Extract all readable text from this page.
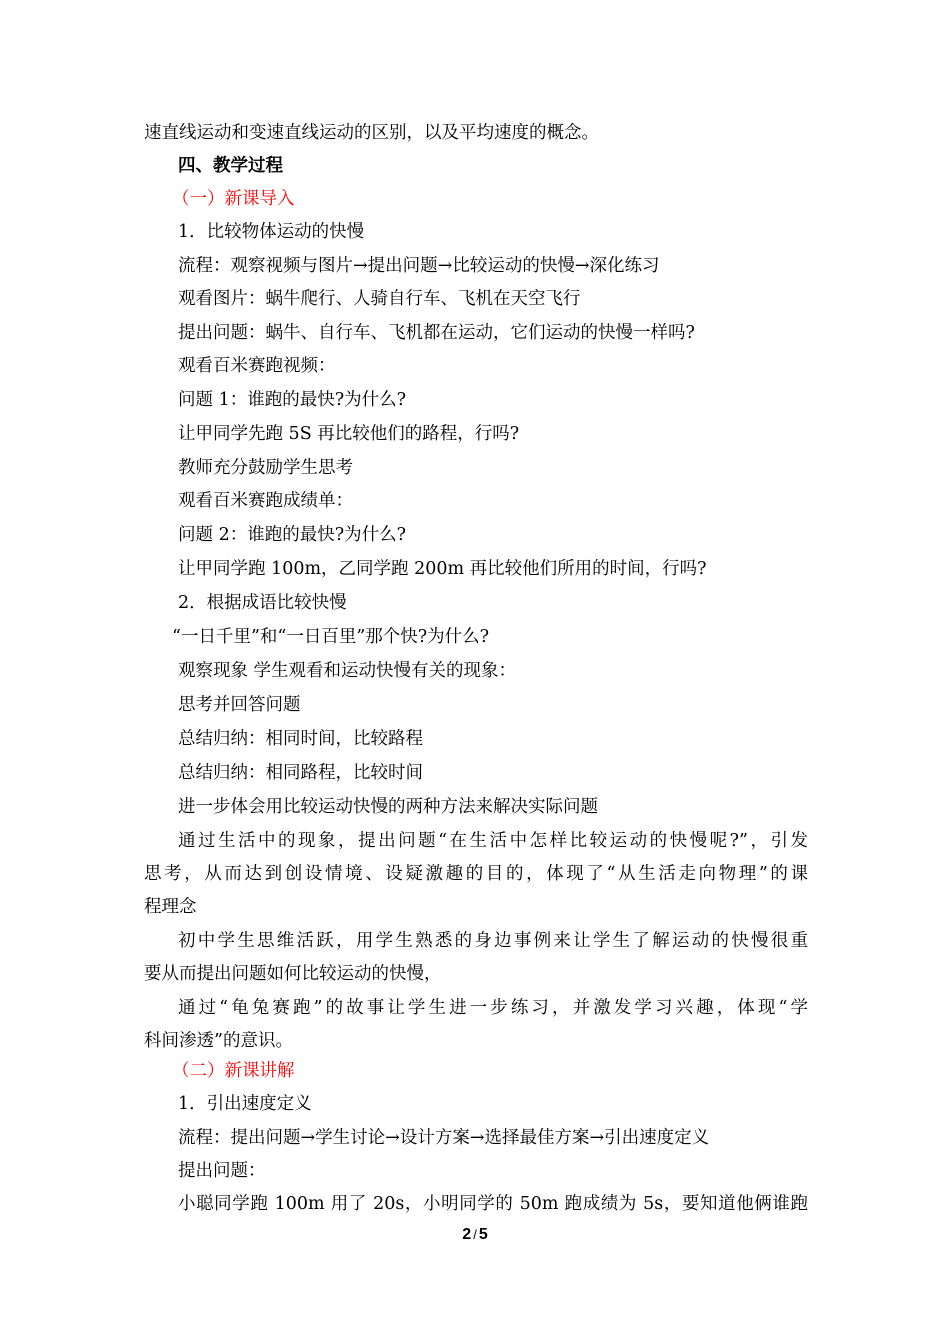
速直线运动和变速直线运动的区别，以及平均速度的概念。
四、教学过程
（一）新课导入
1．比较物体运动的快慢
流程：观察视频与图片→提出问题→比较运动的快慢→深化练习
观看图片：蜗牛爬行、人骑自行车、飞机在天空飞行
提出问题：蜗牛、自行车、飞机都在运动，它们运动的快慢一样吗?
观看百米赛跑视频：
问题 1：谁跑的最快?为什么?
让甲同学先跑 5S 再比较他们的路程，行吗?
教师充分鼓励学生思考
观看百米赛跑成绩单：
问题 2：谁跑的最快?为什么?
让甲同学跑 100m，乙同学跑 200m 再比较他们所用的时间，行吗?
2．根据成语比较快慢
“一日千里”和“一日百里”那个快?为什么?
观察现象 学生观看和运动快慢有关的现象：
思考并回答问题
总结归纳：相同时间，比较路程
总结归纳：相同路程，比较时间
进一步体会用比较运动快慢的两种方法来解决实际问题
通过生活中的现象，提出问题“在生活中怎样比较运动的快慢呢?”，引发
思考，从而达到创设情境、设疑激趣的目的，体现了“从生活走向物理”的课
程理念
初中学生思维活跃，用学生熟悉的身边事例来让学生了解运动的快慢很重
要从而提出问题如何比较运动的快慢，
通过“龟兔赛跑”的故事让学生进一步练习，并激发学习兴趣，体现“学
科间渗透”的意识。
（二）新课讲解
1．引出速度定义
流程：提出问题→学生讨论→设计方案→选择最佳方案→引出速度定义
提出问题：
小聪同学跑 100m 用了 20s，小明同学的 50m 跑成绩为 5s，要知道他俩谁跑
2 / 5
